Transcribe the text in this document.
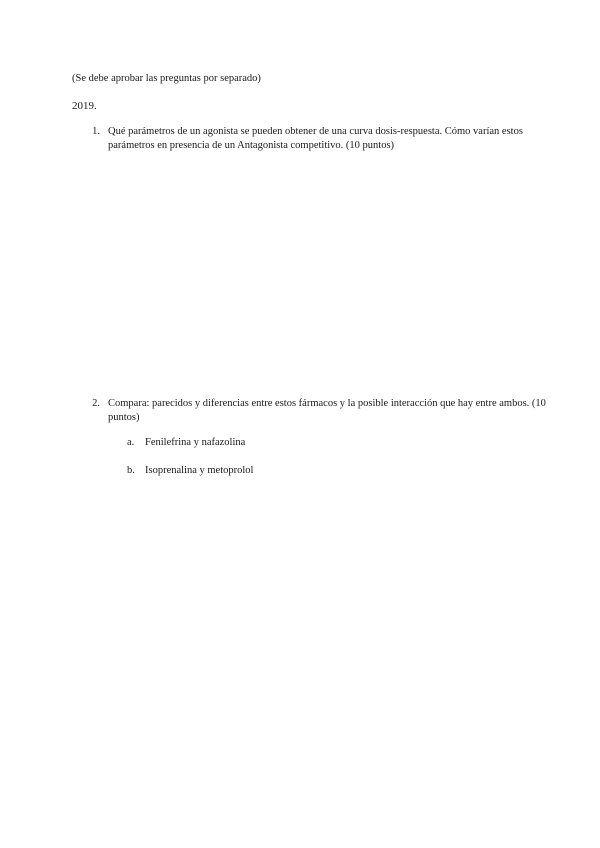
(Se debe aprobar las preguntas por separado)
2019.
1. Qué parámetros de un agonista se pueden obtener de una curva dosis-respuesta. Cómo varían estos parámetros en presencia de un Antagonista competitivo. (10 puntos)
2. Compara: parecidos y diferencias entre estos fármacos y la posible interacción que hay entre ambos. (10 puntos)
a.	Fenilefrina y nafazolina
b. Isoprenalina y metoprolol
